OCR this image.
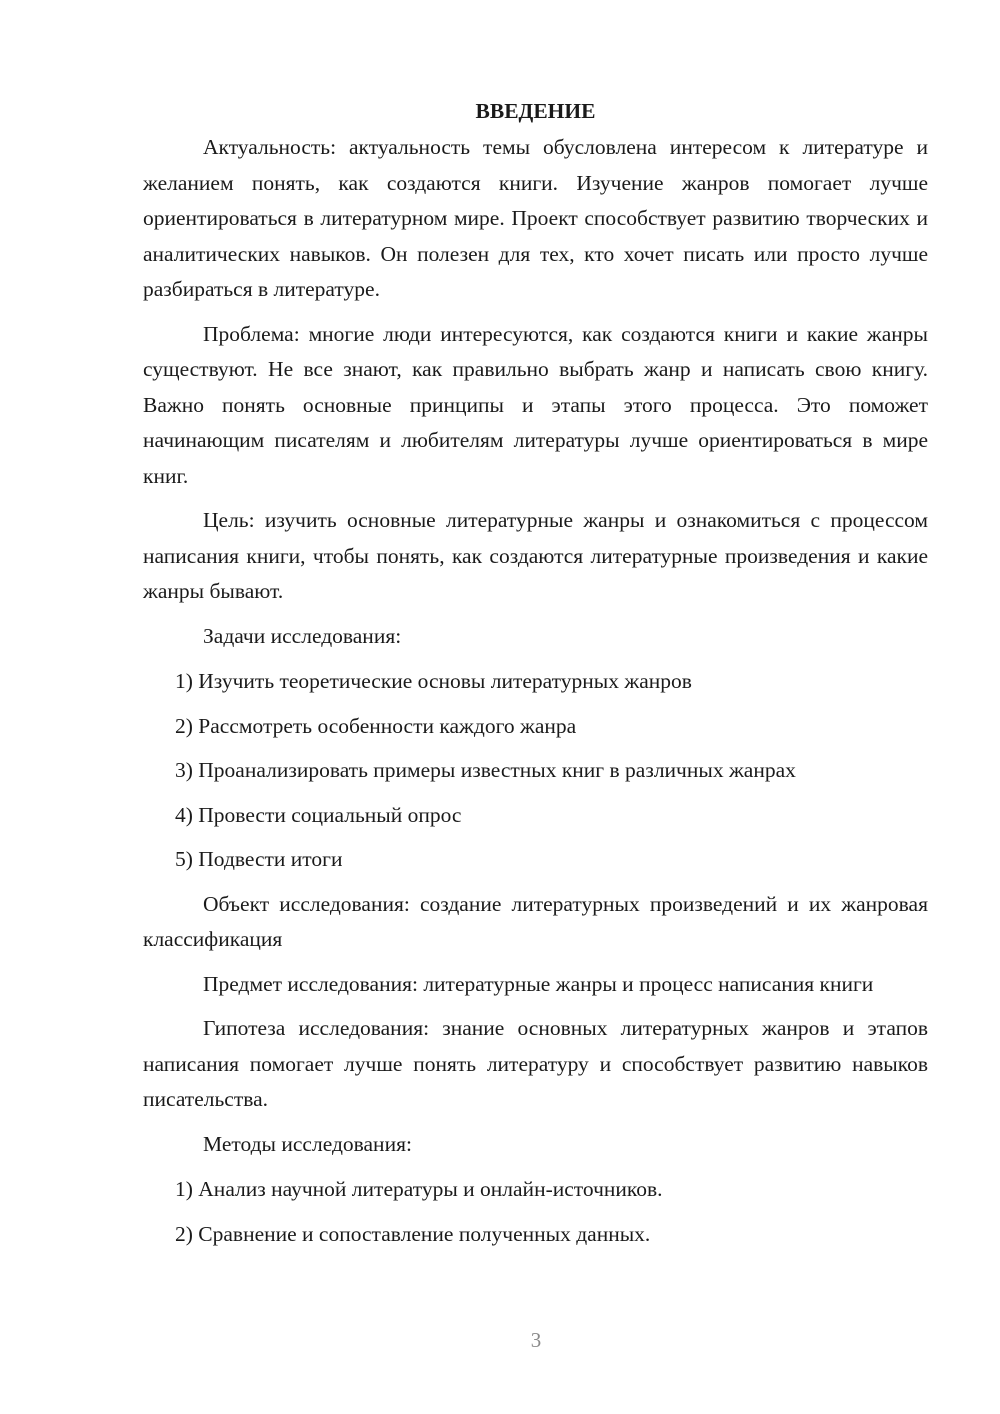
ВВЕДЕНИЕ

Актуальность: актуальность темы обусловлена интересом к литературе и желанием понять, как создаются книги. Изучение жанров помогает лучше ориентироваться в литературном мире. Проект способствует развитию творческих и аналитических навыков. Он полезен для тех, кто хочет писать или просто лучше разбираться в литературе.

Проблема: многие люди интересуются, как создаются книги и какие жанры существуют. Не все знают, как правильно выбрать жанр и написать свою книгу. Важно понять основные принципы и этапы этого процесса. Это поможет начинающим писателям и любителям литературы лучше ориентироваться в мире книг.

Цель: изучить основные литературные жанры и ознакомиться с процессом написания книги, чтобы понять, как создаются литературные произведения и какие жанры бывают.

Задачи исследования:
1) Изучить теоретические основы литературных жанров
2) Рассмотреть особенности каждого жанра
3) Проанализировать примеры известных книг в различных жанрах
4) Провести социальный опрос
5) Подвести итоги

Объект исследования: создание литературных произведений и их жанровая классификация

Предмет исследования: литературные жанры и процесс написания книги

Гипотеза исследования: знание основных литературных жанров и этапов написания помогает лучше понять литературу и способствует развитию навыков писательства.

Методы исследования:
1) Анализ научной литературы и онлайн-источников.
2) Сравнение и сопоставление полученных данных.
3
